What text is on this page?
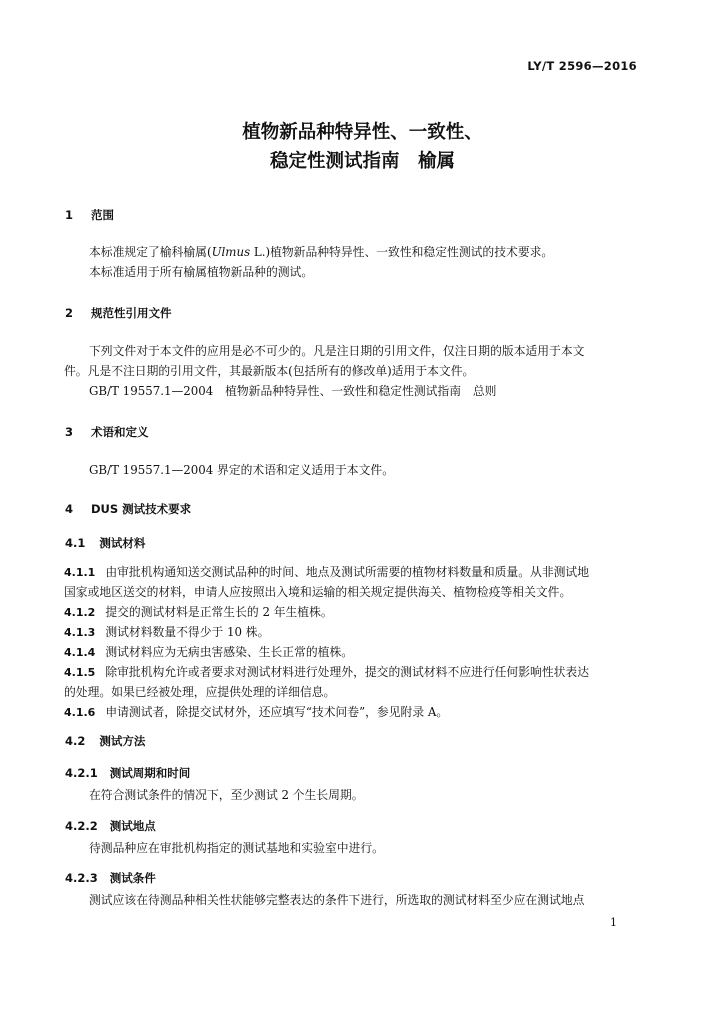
LY/T 2596—2016
植物新品种特异性、一致性、
稳定性测试指南　榆属
1 范围
本标准规定了榆科榆属(Ulmus L.)植物新品种特异性、一致性和稳定性测试的技术要求。
本标准适用于所有榆属植物新品种的测试。
2 规范性引用文件
下列文件对于本文件的应用是必不可少的。凡是注日期的引用文件，仅注日期的版本适用于本文
件。凡是不注日期的引用文件，其最新版本(包括所有的修改单)适用于本文件。
GB/T 19557.1—2004　植物新品种特异性、一致性和稳定性测试指南　总则
3 术语和定义
GB/T 19557.1—2004 界定的术语和定义适用于本文件。
4 DUS 测试技术要求
4.1 测试材料
4.1.1 由审批机构通知送交测试品种的时间、地点及测试所需要的植物材料数量和质量。从非测试地
国家或地区送交的材料，申请人应按照出入境和运输的相关规定提供海关、植物检疫等相关文件。
4.1.2 提交的测试材料是正常生长的 2 年生植株。
4.1.3 测试材料数量不得少于 10 株。
4.1.4 测试材料应为无病虫害感染、生长正常的植株。
4.1.5 除审批机构允许或者要求对测试材料进行处理外，提交的测试材料不应进行任何影响性状表达
的处理。如果已经被处理，应提供处理的详细信息。
4.1.6 申请测试者，除提交试材外，还应填写“技术问卷”，参见附录 A。
4.2 测试方法
4.2.1 测试周期和时间
在符合测试条件的情况下，至少测试 2 个生长周期。
4.2.2 测试地点
待测品种应在审批机构指定的测试基地和实验室中进行。
4.2.3 测试条件
测试应该在待测品种相关性状能够完整表达的条件下进行，所选取的测试材料至少应在测试地点
1
